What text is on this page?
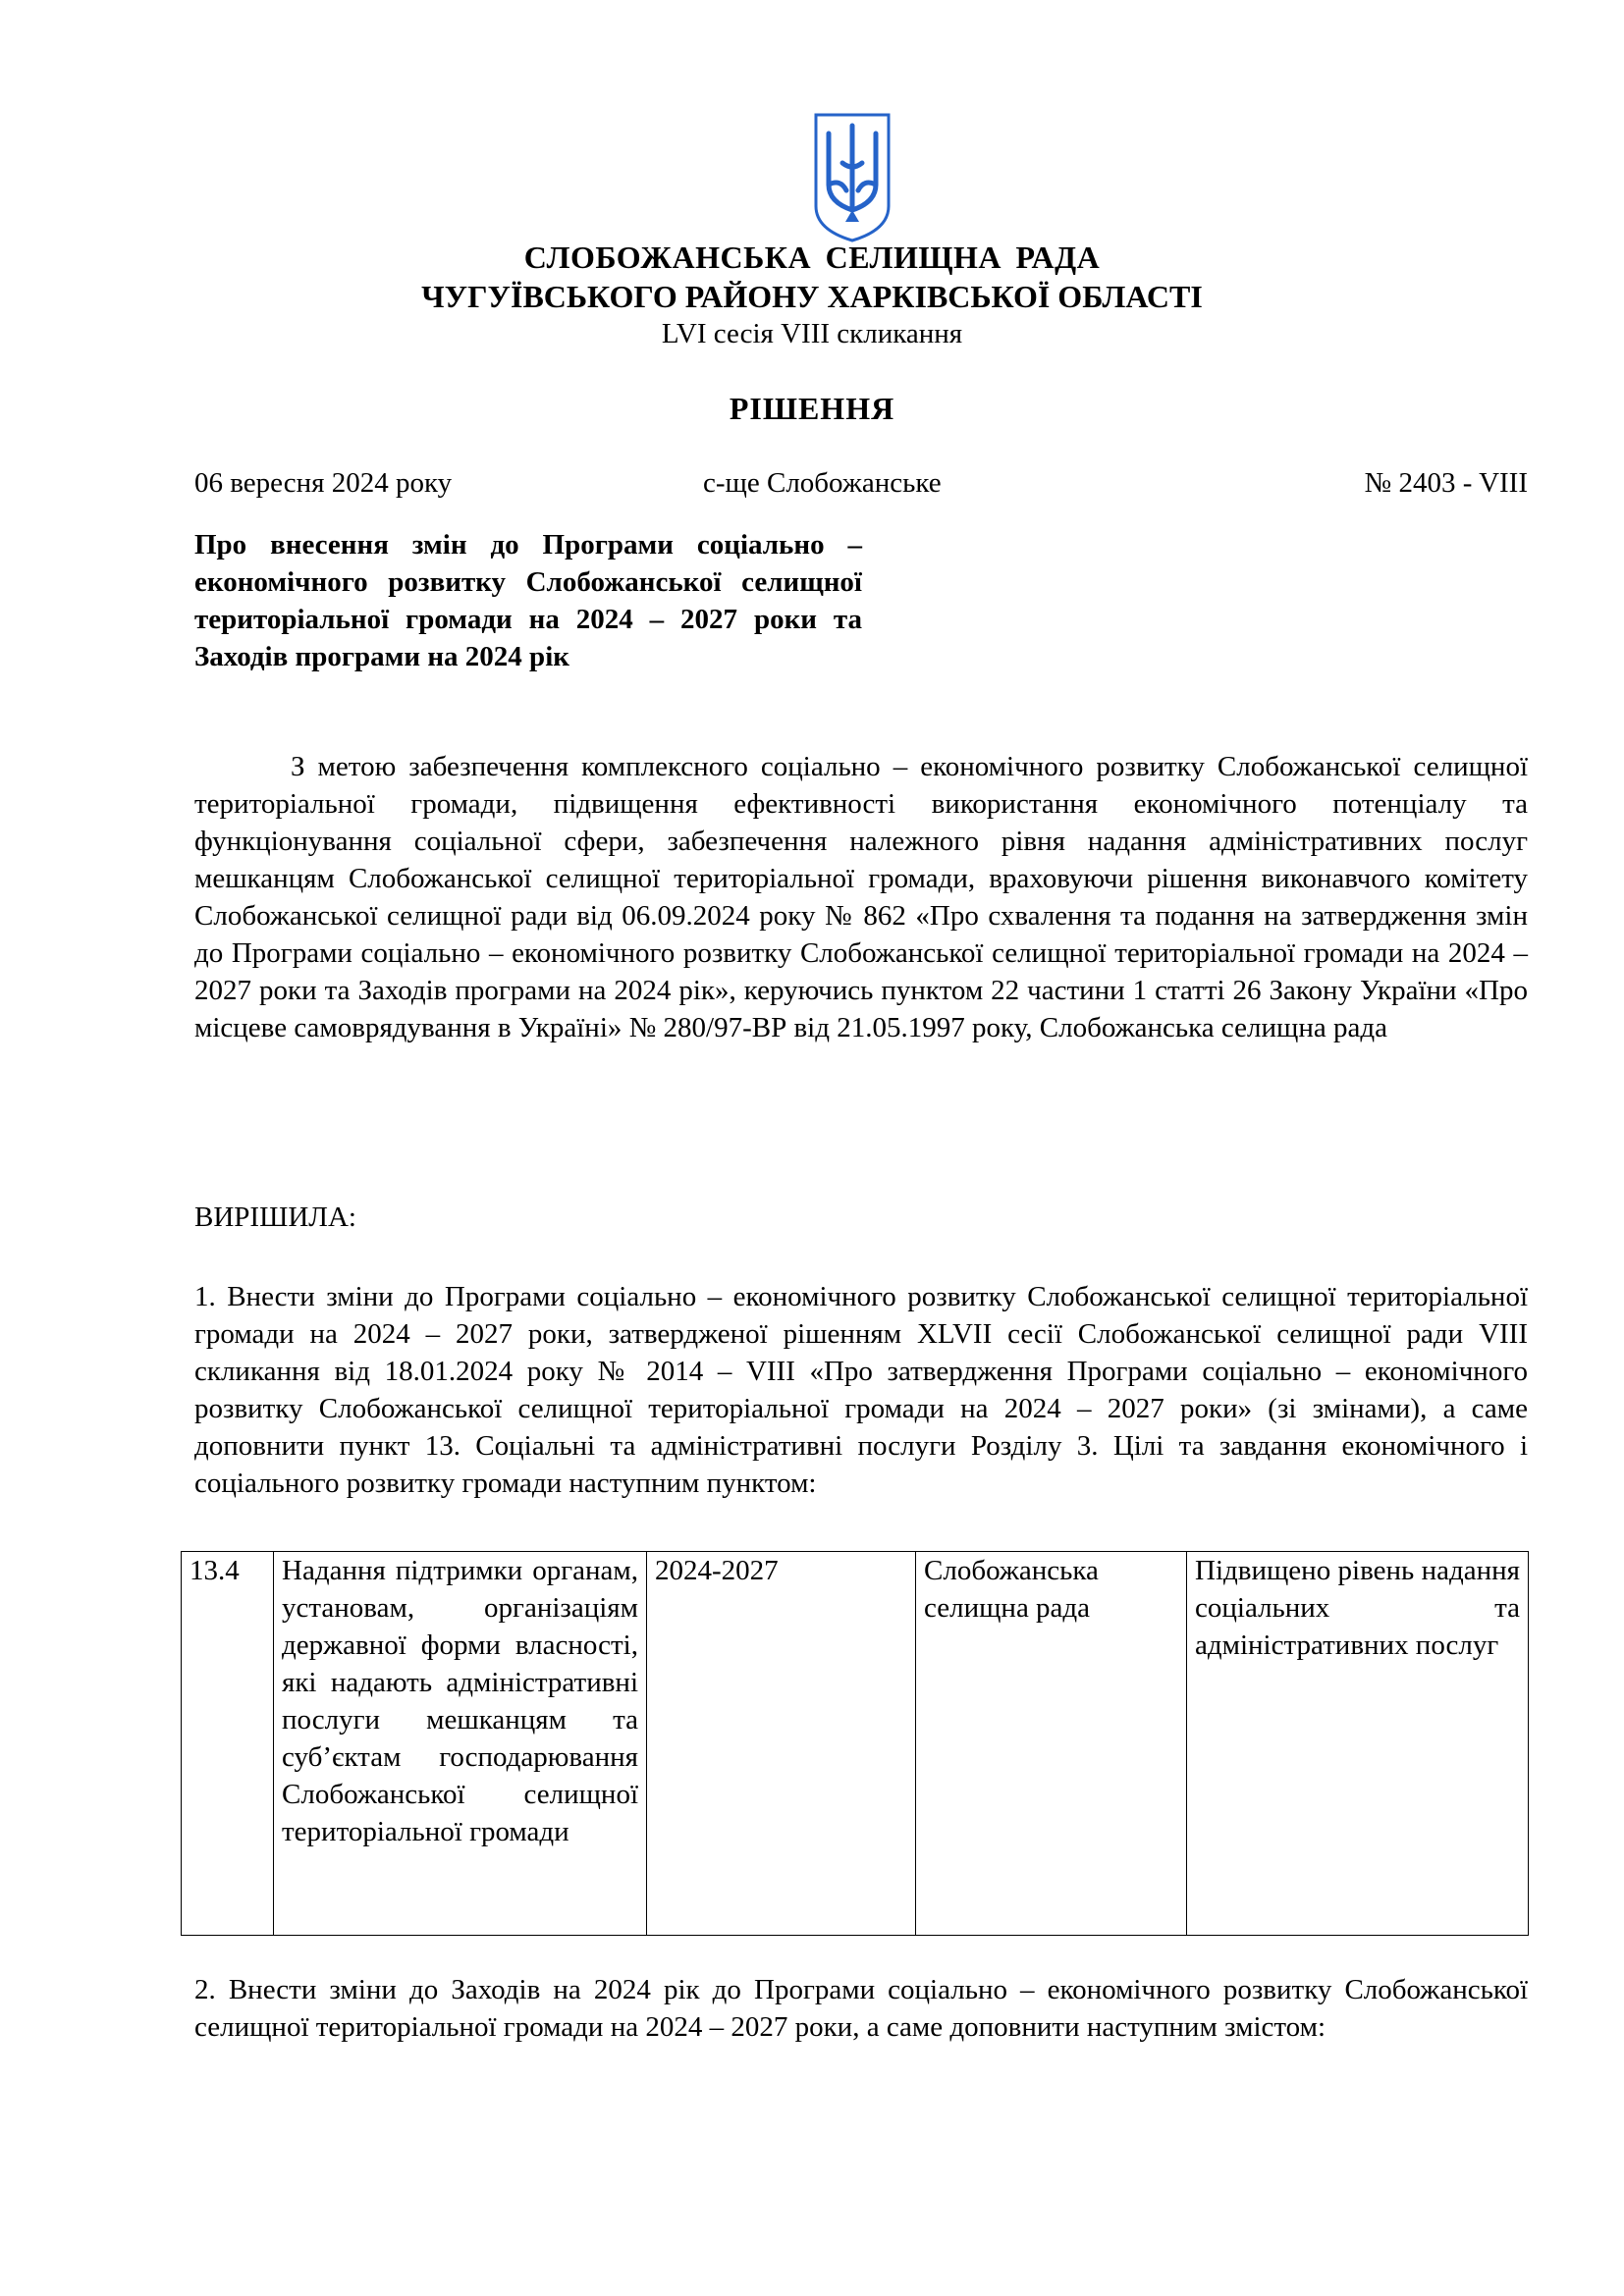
СЛОБОЖАНСЬКА СЕЛИЩНА РАДА
ЧУГУЇВСЬКОГО РАЙОНУ ХАРКІВСЬКОЇ ОБЛАСТІ
LVI сесія VIII скликання
РІШЕННЯ
06 вересня 2024 року	с-ще Слобожанське	№ 2403 - VIII
Про внесення змін до Програми соціально – економічного розвитку Слобожанської селищної територіальної громади на 2024 – 2027 роки та Заходів програми на 2024 рік
З метою забезпечення комплексного соціально – економічного розвитку Слобожанської селищної територіальної громади, підвищення ефективності використання економічного потенціалу та функціонування соціальної сфери, забезпечення належного рівня надання адміністративних послуг мешканцям Слобожанської селищної територіальної громади, враховуючи рішення виконавчого комітету Слобожанської селищної ради від 06.09.2024 року № 862 «Про схвалення та подання на затвердження змін до Програми соціально – економічного розвитку Слобожанської селищної територіальної громади на 2024 – 2027 роки та Заходів програми на 2024 рік», керуючись пунктом 22 частини 1 статті 26 Закону України «Про місцеве самоврядування в Україні» № 280/97-ВР від 21.05.1997 року, Слобожанська селищна рада
ВИРІШИЛА:
1. Внести зміни до Програми соціально – економічного розвитку Слобожанської селищної територіальної громади на 2024 – 2027 роки, затвердженої рішенням XLVII сесії Слобожанської селищної ради VIII скликання від 18.01.2024 року № 2014 – VIII «Про затвердження Програми соціально – економічного розвитку Слобожанської селищної територіальної громади на 2024 – 2027 роки» (зі змінами), а саме доповнити пункт 13. Соціальні та адміністративні послуги Розділу 3. Цілі та завдання економічного і соціального розвитку громади наступним пунктом:
13.4	Надання підтримки органам, установам, організаціям державної форми власності, які надають адміністративні послуги мешканцям та суб’єктам господарювання Слобожанської селищної територіальної громади	2024-2027	Слобожанська селищна рада	Підвищено рівень надання соціальних та адміністративних послуг
2. Внести зміни до Заходів на 2024 рік до Програми соціально – економічного розвитку Слобожанської селищної територіальної громади на 2024 – 2027 роки, а саме доповнити наступним змістом:
